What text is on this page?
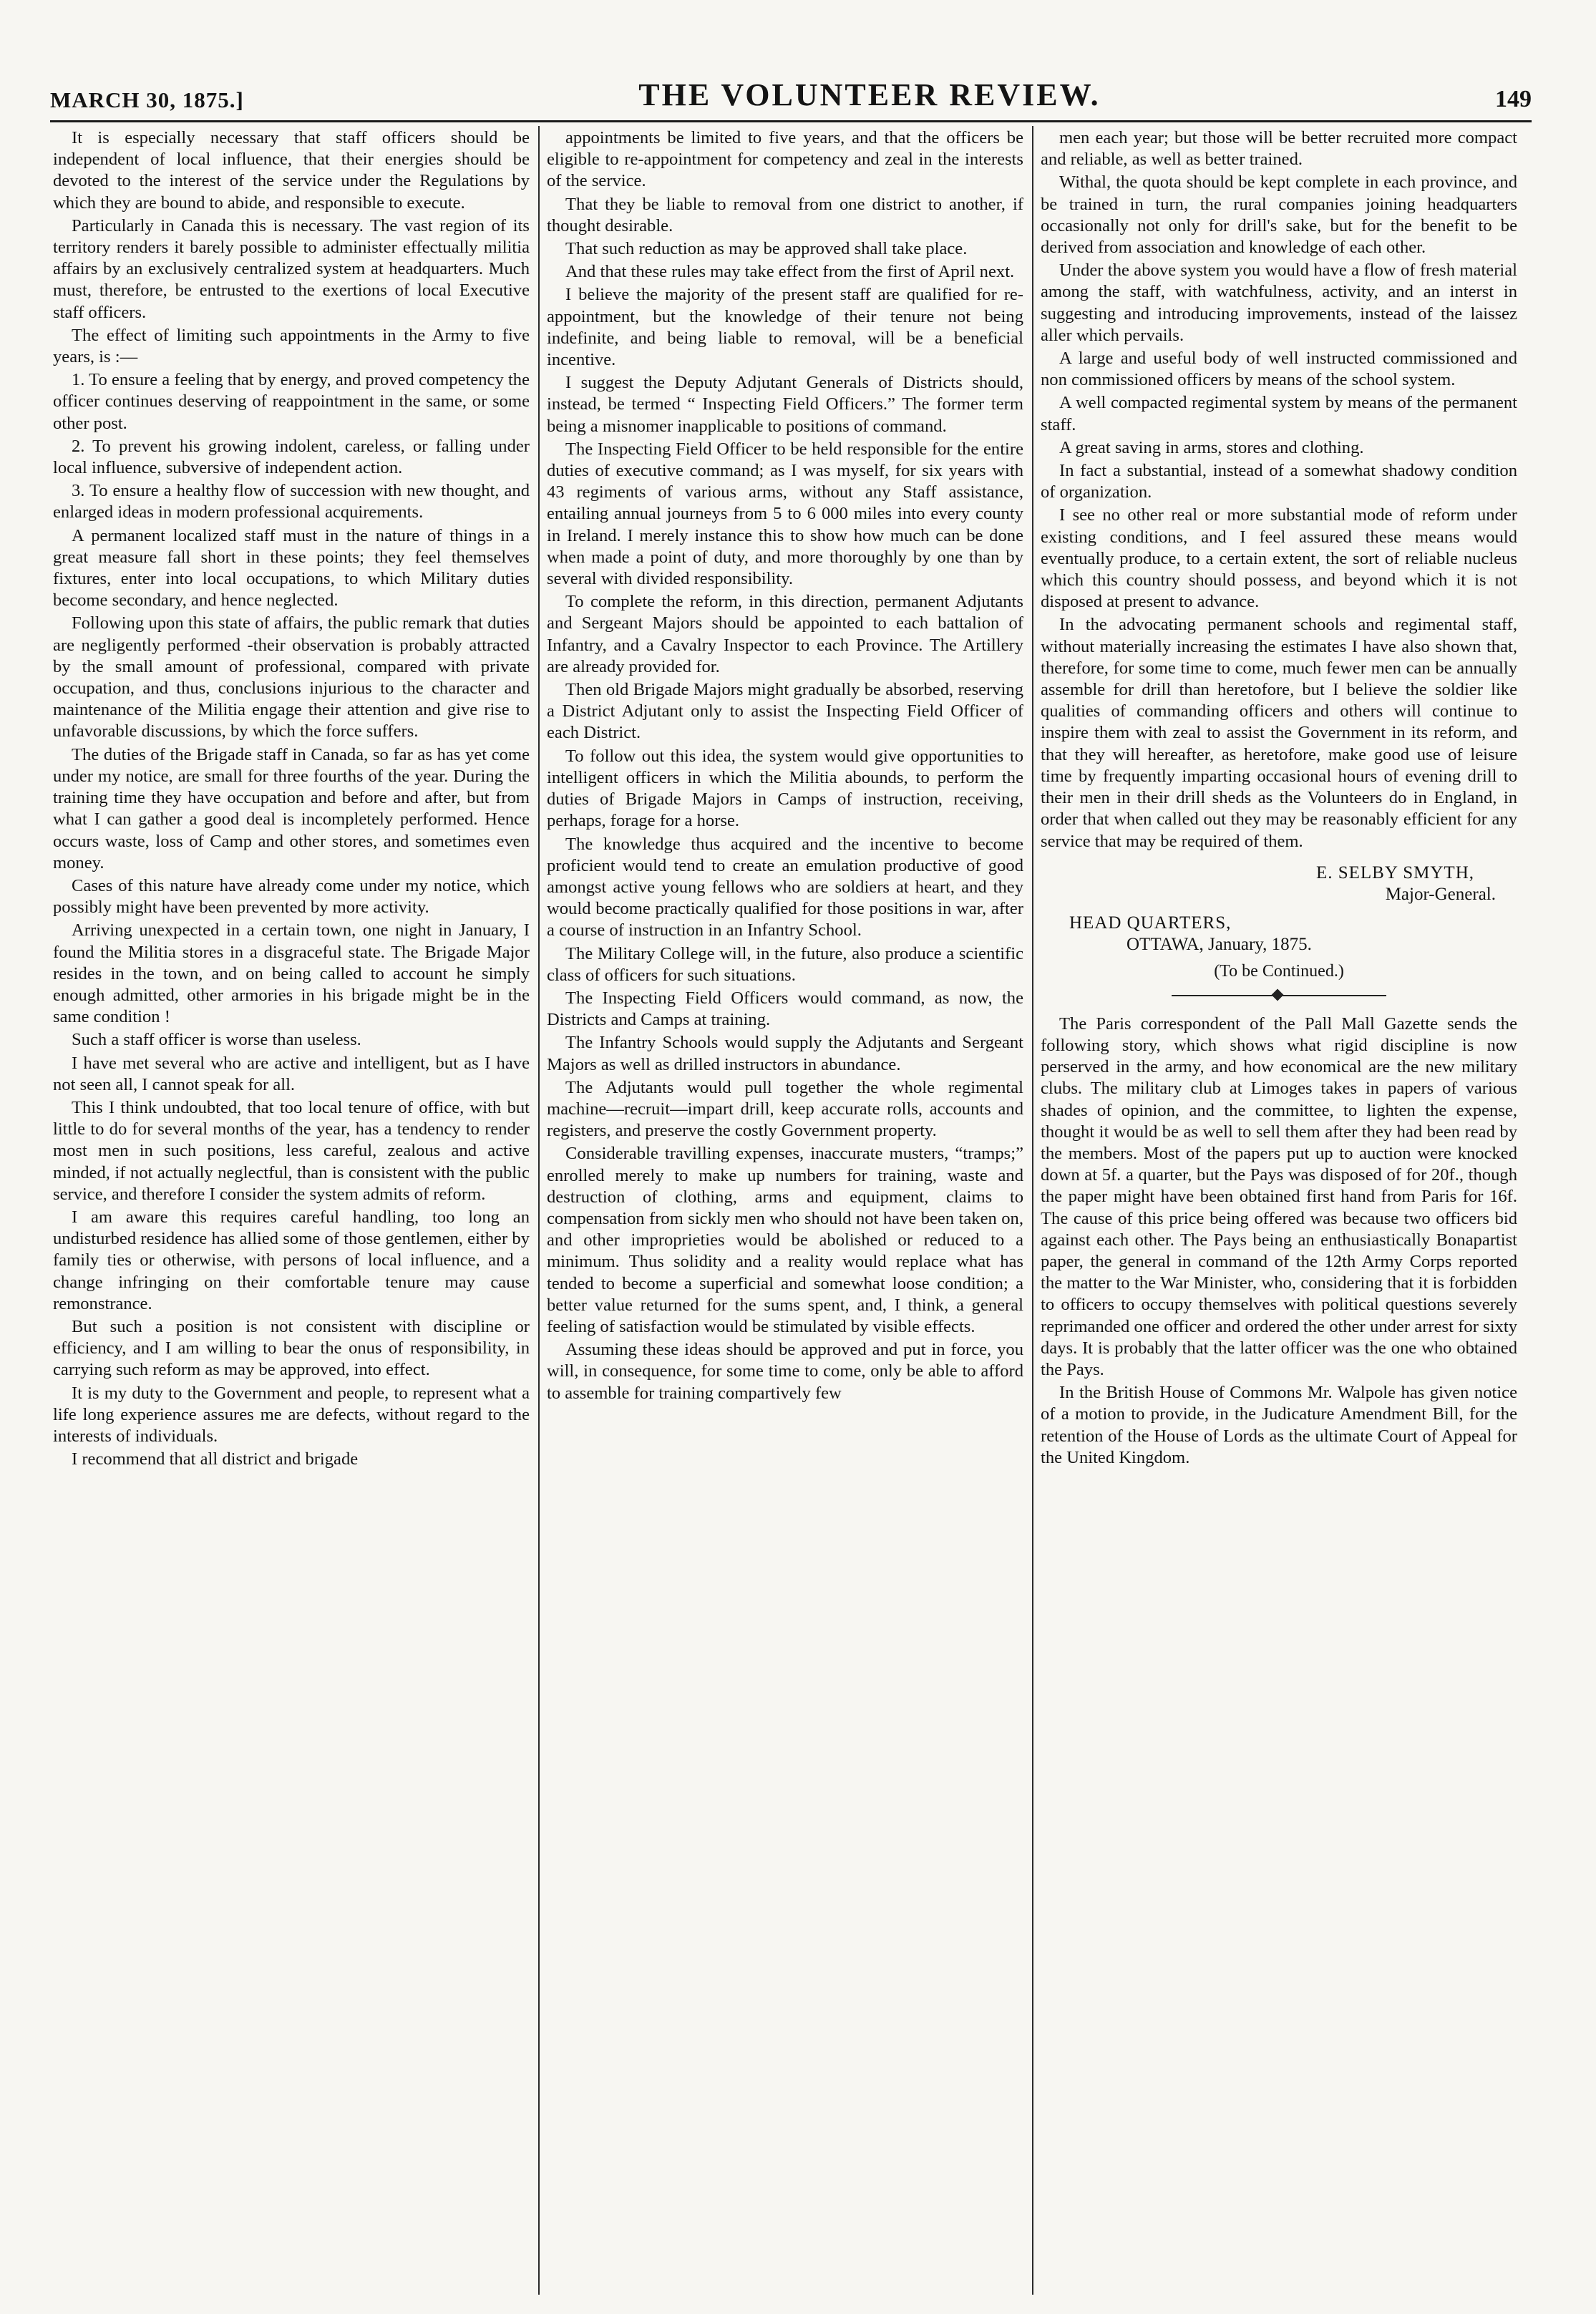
MARCH 30, 1875.]	THE VOLUNTEER REVIEW.	149

It is especially necessary that staff officers should be independent of local influence, that their energies should be devoted to the interest of the service under the Regulations by which they are bound to abide, and responsible to execute.

Particularly in Canada this is necessary. The vast region of its territory renders it barely possible to administer effectually militia affairs by an exclusively centralized system at headquarters. Much must, therefore, be entrusted to the exertions of local Executive staff officers.

The effect of limiting such appointments in the Army to five years, is :—

1. To ensure a feeling that by energy, and proved competency the officer continues deserving of reappointment in the same, or some other post.

2. To prevent his growing indolent, careless, or falling under local influence, subversive of independent action.

3. To ensure a healthy flow of succession with new thought, and enlarged ideas in modern professional acquirements.

A permanent localized staff must in the nature of things in a great measure fall short in these points; they feel themselves fixtures, enter into local occupations, to which Military duties become secondary, and hence neglected.

Following upon this state of affairs, the public remark that duties are negligently performed -their observation is probably attracted by the small amount of professional, compared with private occupation, and thus, conclusions injurious to the character and maintenance of the Militia engage their attention and give rise to unfavorable discussions, by which the force suffers.

The duties of the Brigade staff in Canada, so far as has yet come under my notice, are small for three fourths of the year. During the training time they have occupation and before and after, but from what I can gather a good deal is incompletely performed. Hence occurs waste, loss of Camp and other stores, and sometimes even money.

Cases of this nature have already come under my notice, which possibly might have been prevented by more activity.

Arriving unexpected in a certain town, one night in January, I found the Militia stores in a disgraceful state. The Brigade Major resides in the town, and on being called to account he simply enough admitted, other armories in his brigade might be in the same condition !

Such a staff officer is worse than useless.

I have met several who are active and intelligent, but as I have not seen all, I cannot speak for all.

This I think undoubted, that too local tenure of office, with but little to do for several months of the year, has a tendency to render most men in such positions, less careful, zealous and active minded, if not actually neglectful, than is consistent with the public service, and therefore I consider the system admits of reform.

I am aware this requires careful handling, too long an undisturbed residence has allied some of those gentlemen, either by family ties or otherwise, with persons of local influence, and a change infringing on their comfortable tenure may cause remonstrance.

But such a position is not consistent with discipline or efficiency, and I am willing to bear the onus of responsibility, in carrying such reform as may be approved, into effect.

It is my duty to the Government and people, to represent what a life long experience assures me are defects, without regard to the interests of individuals.

I recommend that all district and brigade

appointments be limited to five years, and that the officers be eligible to re-appointment for competency and zeal in the interests of the service.

That they be liable to removal from one district to another, if thought desirable.

That such reduction as may be approved shall take place.

And that these rules may take effect from the first of April next.

I believe the majority of the present staff are qualified for re-appointment, but the knowledge of their tenure not being indefinite, and being liable to removal, will be a beneficial incentive.

I suggest the Deputy Adjutant Generals of Districts should, instead, be termed “ Inspecting Field Officers.” The former term being a misnomer inapplicable to positions of command.

The Inspecting Field Officer to be held responsible for the entire duties of executive command; as I was myself, for six years with 43 regiments of various arms, without any Staff assistance, entailing annual journeys from 5 to 6 000 miles into every county in Ireland. I merely instance this to show how much can be done when made a point of duty, and more thoroughly by one than by several with divided responsibility.

To complete the reform, in this direction, permanent Adjutants and Sergeant Majors should be appointed to each battalion of Infantry, and a Cavalry Inspector to each Province. The Artillery are already provided for.

Then old Brigade Majors might gradually be absorbed, reserving a District Adjutant only to assist the Inspecting Field Officer of each District.

To follow out this idea, the system would give opportunities to intelligent officers in which the Militia abounds, to perform the duties of Brigade Majors in Camps of instruction, receiving, perhaps, forage for a horse.

The knowledge thus acquired and the incentive to become proficient would tend to create an emulation productive of good amongst active young fellows who are soldiers at heart, and they would become practically qualified for those positions in war, after a course of instruction in an Infantry School.

The Military College will, in the future, also produce a scientific class of officers for such situations.

The Inspecting Field Officers would command, as now, the Districts and Camps at training.

The Infantry Schools would supply the Adjutants and Sergeant Majors as well as drilled instructors in abundance.

The Adjutants would pull together the whole regimental machine—recruit—impart drill, keep accurate rolls, accounts and registers, and preserve the costly Government property.

Considerable travilling expenses, inaccurate musters, “tramps;” enrolled merely to make up numbers for training, waste and destruction of clothing, arms and equipment, claims to compensation from sickly men who should not have been taken on, and other improprieties would be abolished or reduced to a minimum. Thus solidity and a reality would replace what has tended to become a superficial and somewhat loose condition; a better value returned for the sums spent, and, I think, a general feeling of satisfaction would be stimulated by visible effects.

Assuming these ideas should be approved and put in force, you will, in consequence, for some time to come, only be able to afford to assemble for training compartively few

men each year; but those will be better recruited more compact and reliable, as well as better trained.

Withal, the quota should be kept complete in each province, and be trained in turn, the rural companies joining headquarters occasionally not only for drill's sake, but for the benefit to be derived from association and knowledge of each other.

Under the above system you would have a flow of fresh material among the staff, with watchfulness, activity, and an interst in suggesting and introducing improvements, instead of the laissez aller which pervails.

A large and useful body of well instructed commissioned and non commissioned officers by means of the school system.

A well compacted regimental system by means of the permanent staff.

A great saving in arms, stores and clothing.

In fact a substantial, instead of a somewhat shadowy condition of organization.

I see no other real or more substantial mode of reform under existing conditions, and I feel assured these means would eventually produce, to a certain extent, the sort of reliable nucleus which this country should possess, and beyond which it is not disposed at present to advance.

In the advocating permanent schools and regimental staff, without materially increasing the estimates I have also shown that, therefore, for some time to come, much fewer men can be annually assemble for drill than heretofore, but I believe the soldier like qualities of commanding officers and others will continue to inspire them with zeal to assist the Government in its reform, and that they will hereafter, as heretofore, make good use of leisure time by frequently imparting occasional hours of evening drill to their men in their drill sheds as the Volunteers do in England, in order that when called out they may be reasonably efficient for any service that may be required of them.

E. SELBY SMYTH,
Major-General.
HEAD QUARTERS,
OTTAWA, January, 1875.
(To be Continued.)

The Paris correspondent of the Pall Mall Gazette sends the following story, which shows what rigid discipline is now perserved in the army, and how economical are the new military clubs. The military club at Limoges takes in papers of various shades of opinion, and the committee, to lighten the expense, thought it would be as well to sell them after they had been read by the members. Most of the papers put up to auction were knocked down at 5f. a quarter, but the Pays was disposed of for 20f., though the paper might have been obtained first hand from Paris for 16f. The cause of this price being offered was because two officers bid against each other. The Pays being an enthusiastically Bonapartist paper, the general in command of the 12th Army Corps reported the matter to the War Minister, who, considering that it is forbidden to officers to occupy themselves with political questions severely reprimanded one officer and ordered the other under arrest for sixty days. It is probably that the latter officer was the one who obtained the Pays.

In the British House of Commons Mr. Walpole has given notice of a motion to provide, in the Judicature Amendment Bill, for the retention of the House of Lords as the ultimate Court of Appeal for the United Kingdom.
